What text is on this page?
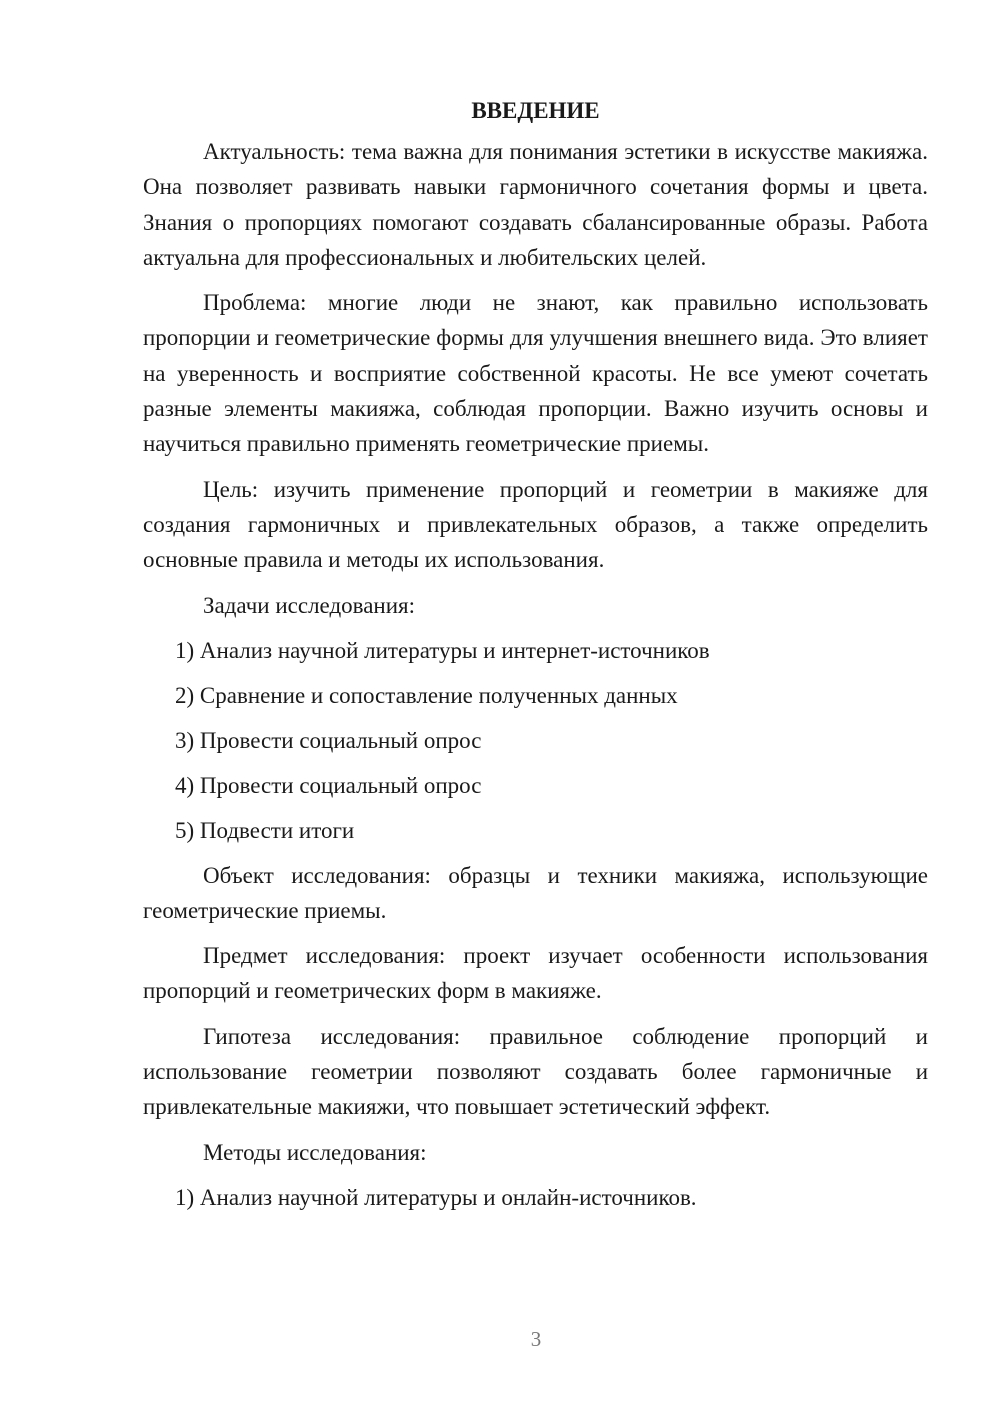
ВВЕДЕНИЕ

Актуальность: тема важна для понимания эстетики в искусстве макияжа. Она позволяет развивать навыки гармоничного сочетания формы и цвета. Знания о пропорциях помогают создавать сбалансированные образы. Работа актуальна для профессиональных и любительских целей.

Проблема: многие люди не знают, как правильно использовать пропорции и геометрические формы для улучшения внешнего вида. Это влияет на уверенность и восприятие собственной красоты. Не все умеют сочетать разные элементы макияжа, соблюдая пропорции. Важно изучить основы и научиться правильно применять геометрические приемы.

Цель: изучить применение пропорций и геометрии в макияже для создания гармоничных и привлекательных образов, а также определить основные правила и методы их использования.

Задачи исследования:
1) Анализ научной литературы и интернет-источников
2) Сравнение и сопоставление полученных данных
3) Провести социальный опрос
4) Провести социальный опрос
5) Подвести итоги

Объект исследования: образцы и техники макияжа, использующие геометрические приемы.

Предмет исследования: проект изучает особенности использования пропорций и геометрических форм в макияже.

Гипотеза исследования: правильное соблюдение пропорций и использование геометрии позволяют создавать более гармоничные и привлекательные макияжи, что повышает эстетический эффект.

Методы исследования:
1) Анализ научной литературы и онлайн-источников.
3
